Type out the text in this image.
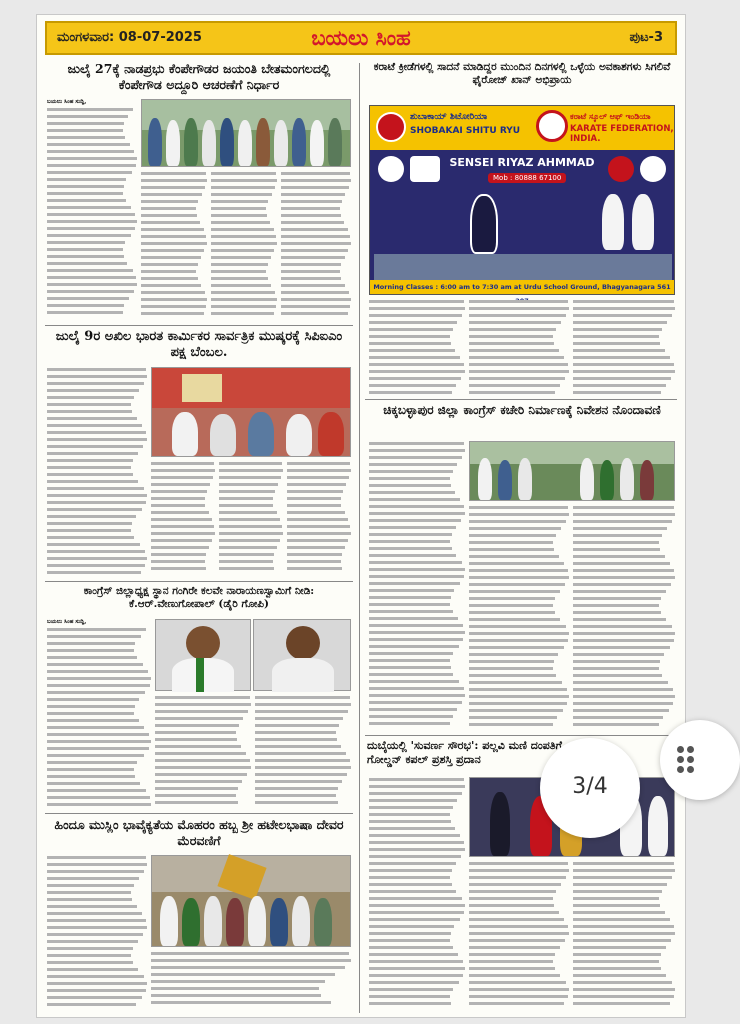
ಮಂಗಳವಾರ: 08-07-2025	ಬಯಲು ಸಿಂಹ	ಪುಟ-3
ಜುಲೈ 27ಕ್ಕೆ ನಾಡಪ್ರಭು ಕೆಂಪೇಗೌಡರ ಜಯಂತಿ ಬೇತಮಂಗಲದಲ್ಲಿ ಕೆಂಪೇಗೌಡ ಅದ್ದೂರಿ ಆಚರಣೆಗೆ ನಿರ್ಧಾರ
ಬಯಲು ಸಿಂಹ ಸುದ್ದಿ,
ಜುಲೈ 9ರ ಅಖಿಲ ಭಾರತ ಕಾರ್ಮಿಕರ ಸಾರ್ವತ್ರಿಕ ಮುಷ್ಕರಕ್ಕೆ ಸಿಪಿಐಎಂ ಪಕ್ಷ ಬೆಂಬಲ.
ಕಾಂಗ್ರೆಸ್ ಜಿಲ್ಲಾಧ್ಯಕ್ಷ ಸ್ಥಾನ ಗಂಗಿರೇ ಕಲವೇ ನಾರಾಯಣಸ್ವಾಮಿಗೆ ನೀಡಿ: ಕೆ.ಆರ್.ವೇಣುಗೋಪಾಲ್ (ಡೈರಿ ಗೋಪಿ)
ಬಯಲು ಸಿಂಹ ಸುದ್ದಿ,
ಹಿಂದೂ ಮುಸ್ಲಿಂ ಭಾವೈಕ್ಯತೆಯ ಮೊಹರಂ ಹಬ್ಬ ಶ್ರೀ ಹಟೇಲಭಾಷಾ ದೇವರ ಮೆರವಣಿಗೆ
ಕರಾಟೆ ಕ್ರೀಡೆಗಳಲ್ಲಿ ಸಾದನೆ ಮಾಡಿದ್ದರ ಮುಂದಿನ ದಿನಗಳಲ್ಲಿ ಒಳ್ಳೆಯ ಅವಕಾಶಗಳು ಸಿಗಲಿವೆ ಫೈರೋಜ್ ಖಾನ್ ಅಭಿಪ್ರಾಯ
ಶುಬಾಕಾಯ್ ಶಿಟೋರಿಯಾ
SHOBAKAI SHITU RYU
ಕರಾಟೆ ಸ್ಕೂಲ್ ಆಫ್ ಇಂಡಿಯಾ
KARATE FEDERATION, INDIA.
SENSEI RIYAZ AHMMAD
Mob : 80888 67100
Morning Classes : 6:00 am to 7:30 am at Urdu School Ground, Bhagyanagara 561
ಚಿಕ್ಕಬಳ್ಳಾಪುರ ಜಿಲ್ಲಾ ಕಾಂಗ್ರೆಸ್ ಕಚೇರಿ ನಿರ್ಮಾಣಕ್ಕೆ ನಿವೇಶನ ನೊಂದಾವಣಿ
ದುಬೈಯಲ್ಲಿ 'ಸುವರ್ಣ ಸೌರಭ': ಪಲ್ಲವಿ ಮಣಿ ದಂಪತಿಗೆ ಗೋಲ್ಡನ್ ಕಪಲ್ ಪ್ರಶಸ್ತಿ ಪ್ರದಾನ
3/4
